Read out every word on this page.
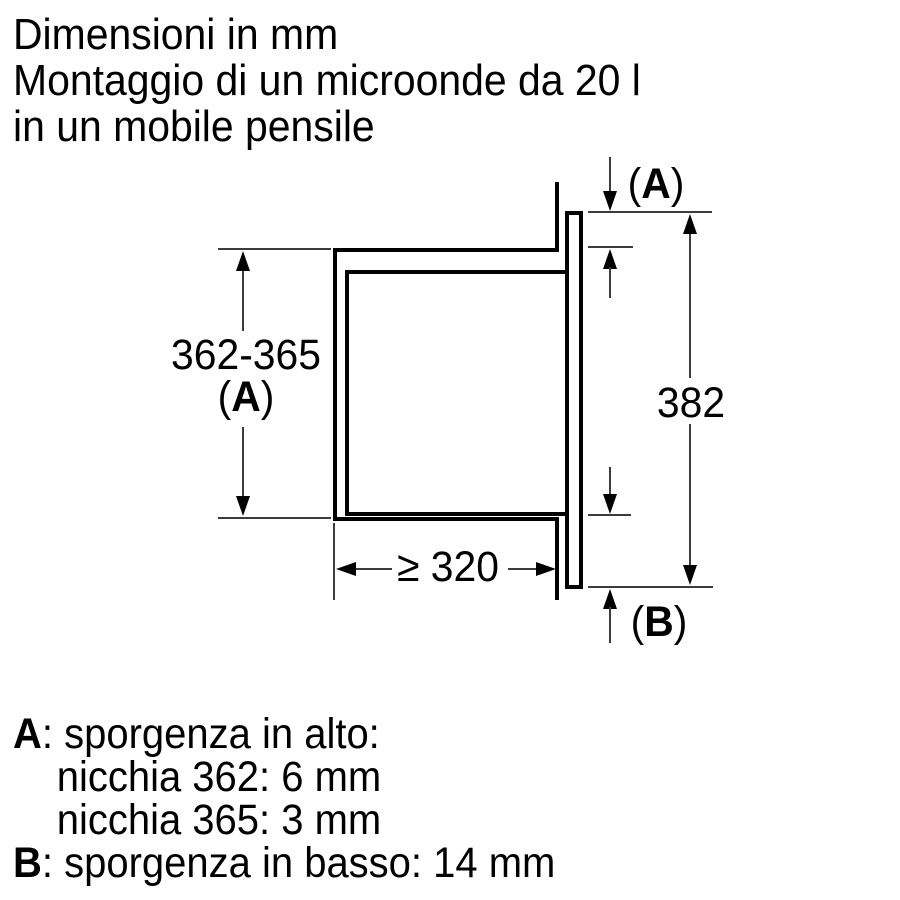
Dimensioni in mm
Montaggio di un microonde da 20 l
in un mobile pensile
(A)
362-365
(A)	382
≥ 320
(B)
A: sporgenza in alto:
nicchia 362: 6 mm
nicchia 365: 3 mm
B: sporgenza in basso: 14 mm
